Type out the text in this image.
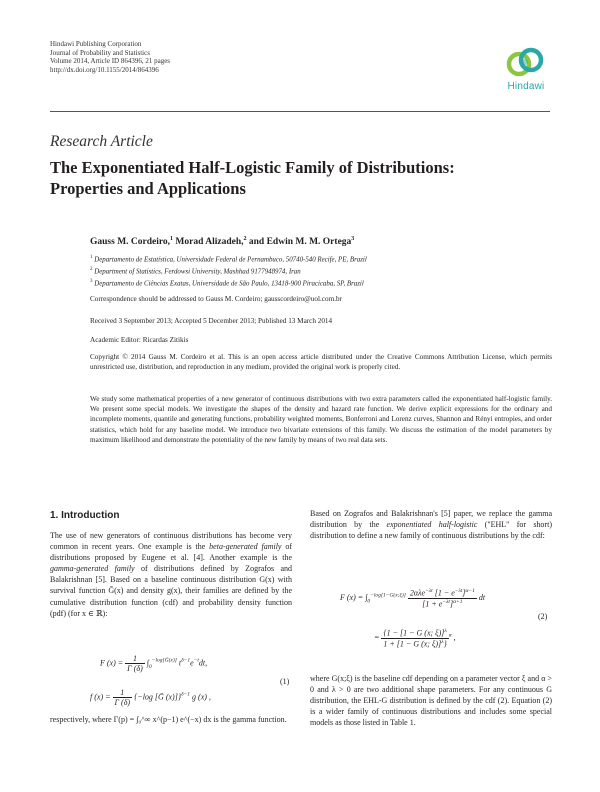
Hindawi Publishing Corporation
Journal of Probability and Statistics
Volume 2014, Article ID 864396, 21 pages
http://dx.doi.org/10.1155/2014/864396
Hindawi
Research Article
The Exponentiated Half-Logistic Family of Distributions:
Properties and Applications
Gauss M. Cordeiro,$^1$ Morad Alizadeh,$^2$ and Edwin M. M. Ortega$^3$
$^1$ Departamento de Estatística, Universidade Federal de Pernambuco, 50740-540 Recife, PE, Brazil
$^2$ Department of Statistics, Ferdowsi University, Mashhad 9177948974, Iran
$^3$ Departamento de Ciências Exatas, Universidade de São Paulo, 13418-900 Piracicaba, SP, Brazil
Correspondence should be addressed to Gauss M. Cordeiro; gausscordeiro@uol.com.br
Received 3 September 2013; Accepted 5 December 2013; Published 13 March 2014
Academic Editor: Ricardas Zitikis
Copyright © 2014 Gauss M. Cordeiro et al. This is an open access article distributed under the Creative Commons Attribution License, which permits unrestricted use, distribution, and reproduction in any medium, provided the original work is properly cited.
We study some mathematical properties of a new generator of continuous distributions with two extra parameters called the exponentiated half-logistic family. We present some special models. We investigate the shapes of the density and hazard rate function. We derive explicit expressions for the ordinary and incomplete moments, quantile and generating functions, probability weighted moments, Bonferroni and Lorenz curves, Shannon and Rényi entropies, and order statistics, which hold for any baseline model. We introduce two bivariate extensions of this family. We discuss the estimation of the model parameters by maximum likelihood and demonstrate the potentiality of the new family by means of two real data sets.
1. Introduction
The use of new generators of continuous distributions has become very common in recent years. One example is the beta-generated family of distributions proposed by Eugene et al. [4]. Another example is the gamma-generated family of distributions defined by Zografos and Balakrishnan [5]. Based on a baseline continuous distribution G(x) with survival function Ḡ(x) and density g(x), their families are defined by the cumulative distribution function (cdf) and probability density function (pdf) (for x ∈ ℝ):
F $(x) = \frac{1}{\Gamma (\delta)} \int_0^{-log[Ḡ(x)]}$ $t^{\delta-1}e^{-t}dt$,
f $(x) = \frac{1}{\Gamma (\delta)} \{-\log$ [Ḡ (x)]}$^{\delta-1}$ g (x) ,
(1)
respectively, where Γ(p) = ∫₀^∞ x^(p−1) e^(−x) dx is the gamma function.
Based on Zografos and Balakrishnan's [5] paper, we replace the gamma distribution by the exponentiated half-logistic ("EHL" for short) distribution to define a new family of continuous distributions by the cdf:
F $(x) = \int_0^{-log[1-G(x;\xi)]} \frac{2\alpha\lambda e^{-\lambda t} [1 - e^{-\lambda t}]^{\alpha-1}}{[1 + e^{-\lambda t}]^{\alpha+1}}$ dt
= $\frac{\{1 - [1 - G (x; \xi)]^\lambda}{1 + [1 - G (x; \xi)]^\lambda\}} ^\alpha$ ,
(2)
where G(x;ξ) is the baseline cdf depending on a parameter vector ξ and α > 0 and λ > 0 are two additional shape parameters. For any continuous G distribution, the EHL-G distribution is defined by the cdf (2). Equation (2) is a wider family of continuous distributions and includes some special models as those listed in Table 1.
